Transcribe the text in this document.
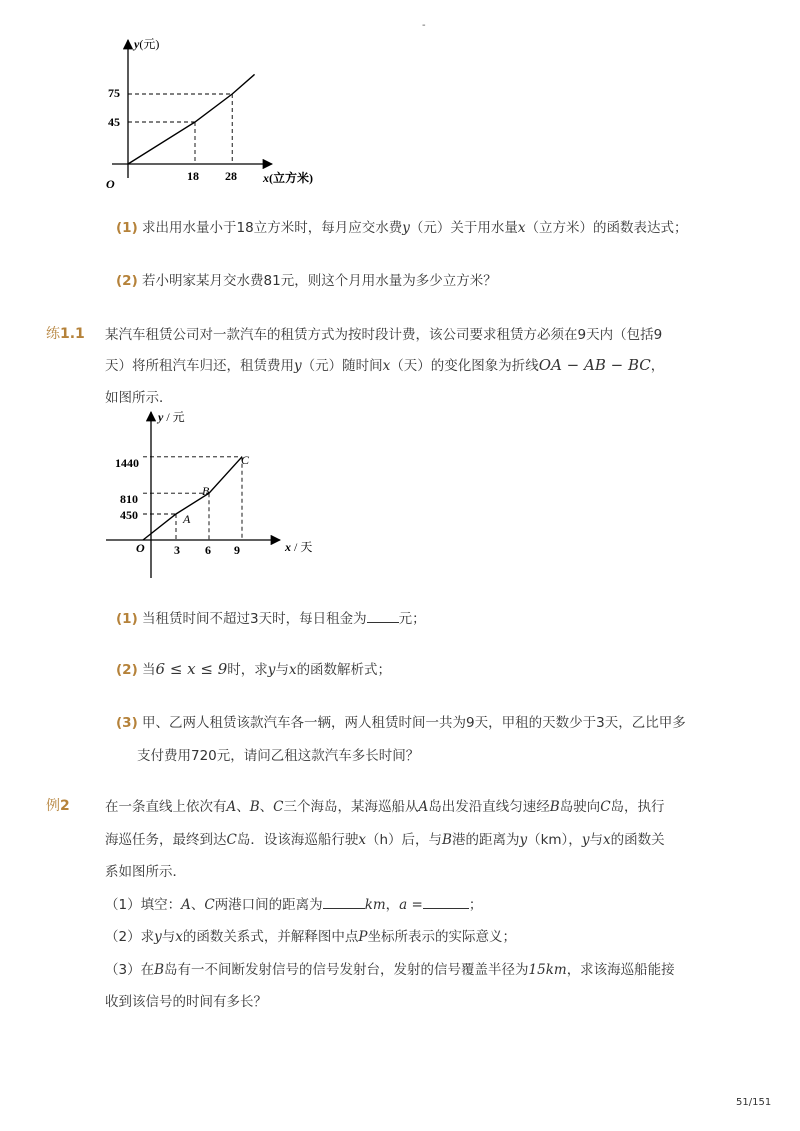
-
y(元)
x(立方米)
O
75
45
18 28
(1) 求出用水量小于18立方米时，每月应交水费y（元）关于用水量x（立方米）的函数表达式；
(2) 若小明家某月交水费81元，则这个月用水量为多少立方米？
练1.1 某汽车租赁公司对一款汽车的租赁方式为按时段计费，该公司要求租赁方必须在9天内（包括9
天）将所租汽车归还，租赁费用y（元）随时间x（天）的变化图象为折线OA − AB − BC，
如图所示．
y / 元
x / 天
O
A
B
C
1440
810
450
3 6 9
(1) 当租赁时间不超过3天时，每日租金为 元；
(2) 当6 ≤ x ≤ 9时，求y与x的函数解析式；
(3) 甲、乙两人租赁该款汽车各一辆，两人租赁时间一共为9天，甲租的天数少于3天，乙比甲多
支付费用720元，请问乙租这款汽车多长时间？
例2	在一条直线上依次有A、B、C三个海岛，某海巡船从A岛出发沿直线匀速经B岛驶向C岛，执行
海巡任务，最终到达C岛．设该海巡船行驶x（h）后，与B港的距离为y（km），y与x的函数关
系如图所示．
（1）填空：A、C两港口间的距离为	km，a =	；
（2）求y与x的函数关系式，并解释图中点P坐标所表示的实际意义；
（3）在B岛有一不间断发射信号的信号发射台，发射的信号覆盖半径为15km，求该海巡船能接
收到该信号的时间有多长？
51/151
